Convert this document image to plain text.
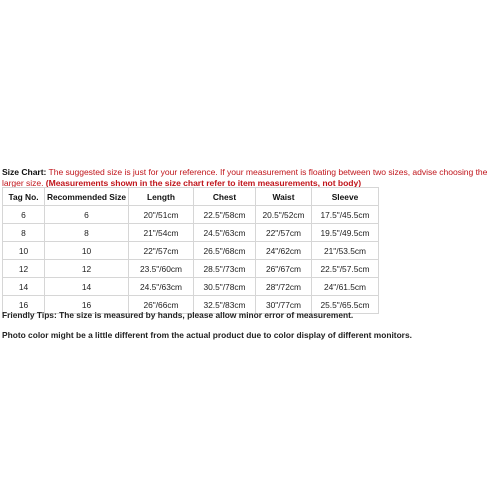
Size Chart: The suggested size is just for your reference. If your measurement is floating between two sizes, advise choosing the larger size. (Measurements shown in the size chart refer to item measurements, not body)
Tag No.	Recommended Size	Length	Chest	Waist	Sleeve
6	6	20"/51cm	22.5"/58cm	20.5"/52cm	17.5"/45.5cm
8	8	21"/54cm	24.5"/63cm	22"/57cm	19.5"/49.5cm
10	10	22"/57cm	26.5"/68cm	24"/62cm	21"/53.5cm
12	12	23.5"/60cm	28.5"/73cm	26"/67cm	22.5"/57.5cm
14	14	24.5"/63cm	30.5"/78cm	28"/72cm	24"/61.5cm
16	16	26"/66cm	32.5"/83cm	30"/77cm	25.5"/65.5cm
Friendly Tips: The size is measured by hands, please allow minor error of measurement.
Photo color might be a little different from the actual product due to color display of different monitors.
